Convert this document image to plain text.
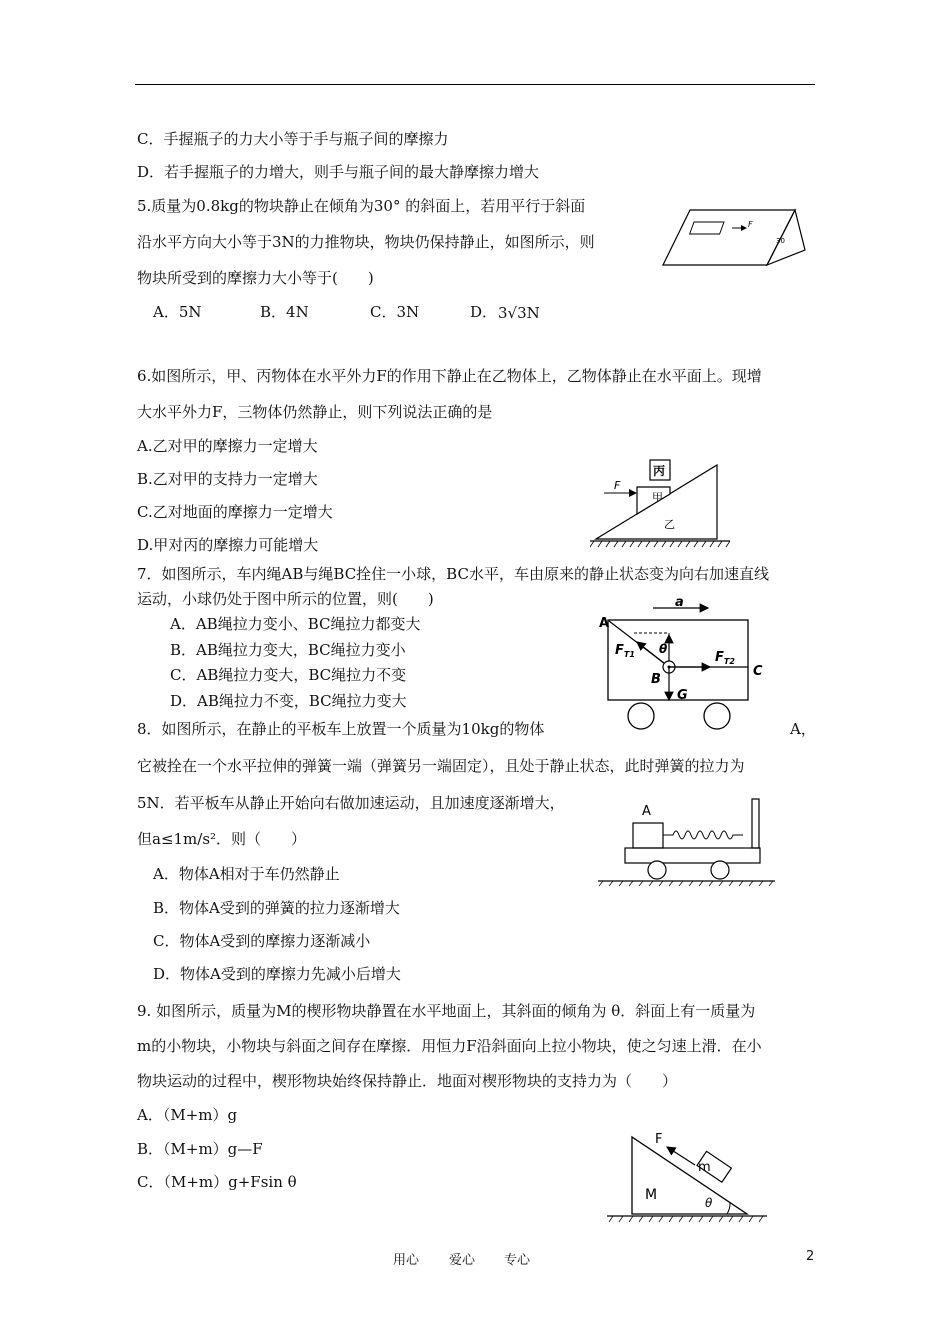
C．手握瓶子的力大小等于手与瓶子间的摩擦力
D．若手握瓶子的力增大，则手与瓶子间的最大静摩擦力增大
5.质量为0.8kg的物块静止在倾角为30° 的斜面上，若用平行于斜面
沿水平方向大小等于3N的力推物块，物块仍保持静止，如图所示，则
物块所受到的摩擦力大小等于(　　)
A．5N	B．4N	C．3N	D． 3√3N
F
30
6.如图所示，甲、丙物体在水平外力F的作用下静止在乙物体上，乙物体静止在水平面上。现增
大水平外力F，三物体仍然静止，则下列说法正确的是
A.乙对甲的摩擦力一定增大
B.乙对甲的支持力一定增大
C.乙对地面的摩擦力一定增大
D.甲对丙的摩擦力可能增大
F
丙
甲
乙
7．如图所示，车内绳AB与绳BC拴住一小球，BC水平，车由原来的静止状态变为向右加速直线
运动，小球仍处于图中所示的位置，则(　　)
A．AB绳拉力变小、BC绳拉力都变大
B．AB绳拉力变大，BC绳拉力变小
C．AB绳拉力变大，BC绳拉力不变
D．AB绳拉力不变，BC绳拉力变大
a
A
$F_{T1}$ θ
$F_{T2}$
C
B
G
8．如图所示，在静止的平板车上放置一个质量为10kg的物体	A，
它被拴在一个水平拉伸的弹簧一端（弹簧另一端固定），且处于静止状态，此时弹簧的拉力为
5N．若平板车从静止开始向右做加速运动，且加速度逐渐增大，
但a≤1m/s²．则（　　）
A．物体A相对于车仍然静止
B．物体A受到的弹簧的拉力逐渐增大
C．物体A受到的摩擦力逐渐减小
D．物体A受到的摩擦力先减小后增大
A
9. 如图所示，质量为M的楔形物块静置在水平地面上，其斜面的倾角为 θ．斜面上有一质量为
m的小物块，小物块与斜面之间存在摩擦．用恒力F沿斜面向上拉小物块，使之匀速上滑．在小
物块运动的过程中，楔形物块始终保持静止．地面对楔形物块的支持力为（　　）
A．（M+m）g
B．（M+m）g—F
C．（M+m）g+Fsin θ
F
m
M	θ
用心 爱心 专心	2
